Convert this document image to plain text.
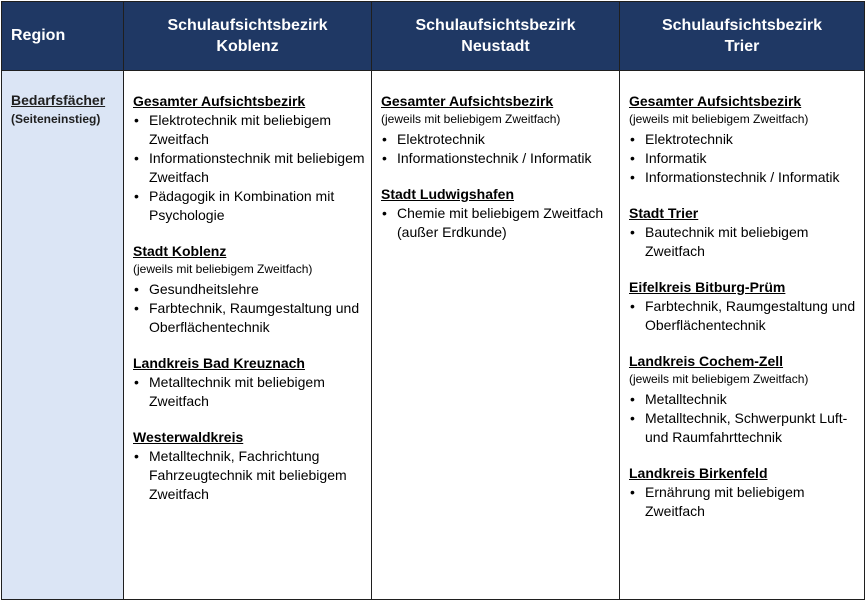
Region
Schulaufsichtsbezirk
Koblenz
Schulaufsichtsbezirk
Neustadt
Schulaufsichtsbezirk
Trier
Bedarfsfächer
(Seiteneinstieg)
Gesamter Aufsichtsbezirk
• Elektrotechnik mit beliebigem Zweitfach
• Informationstechnik mit beliebigem Zweitfach
• Pädagogik in Kombination mit Psychologie
Stadt Koblenz
(jeweils mit beliebigem Zweitfach)
• Gesundheitslehre
• Farbtechnik, Raumgestaltung und Oberflächentechnik
Landkreis Bad Kreuznach
• Metalltechnik mit beliebigem Zweitfach
Westerwaldkreis
• Metalltechnik, Fachrichtung Fahrzeugtechnik mit beliebigem Zweitfach
Gesamter Aufsichtsbezirk
(jeweils mit beliebigem Zweitfach)
• Elektrotechnik
• Informationstechnik / Informatik
Stadt Ludwigshafen
• Chemie mit beliebigem Zweitfach (außer Erdkunde)
Gesamter Aufsichtsbezirk
(jeweils mit beliebigem Zweitfach)
• Elektrotechnik
• Informatik
• Informationstechnik / Informatik
Stadt Trier
• Bautechnik mit beliebigem Zweitfach
Eifelkreis Bitburg-Prüm
• Farbtechnik, Raumgestaltung und Oberflächentechnik
Landkreis Cochem-Zell
(jeweils mit beliebigem Zweitfach)
• Metalltechnik
• Metalltechnik, Schwerpunkt Luft- und Raumfahrttechnik
Landkreis Birkenfeld
• Ernährung mit beliebigem Zweitfach
